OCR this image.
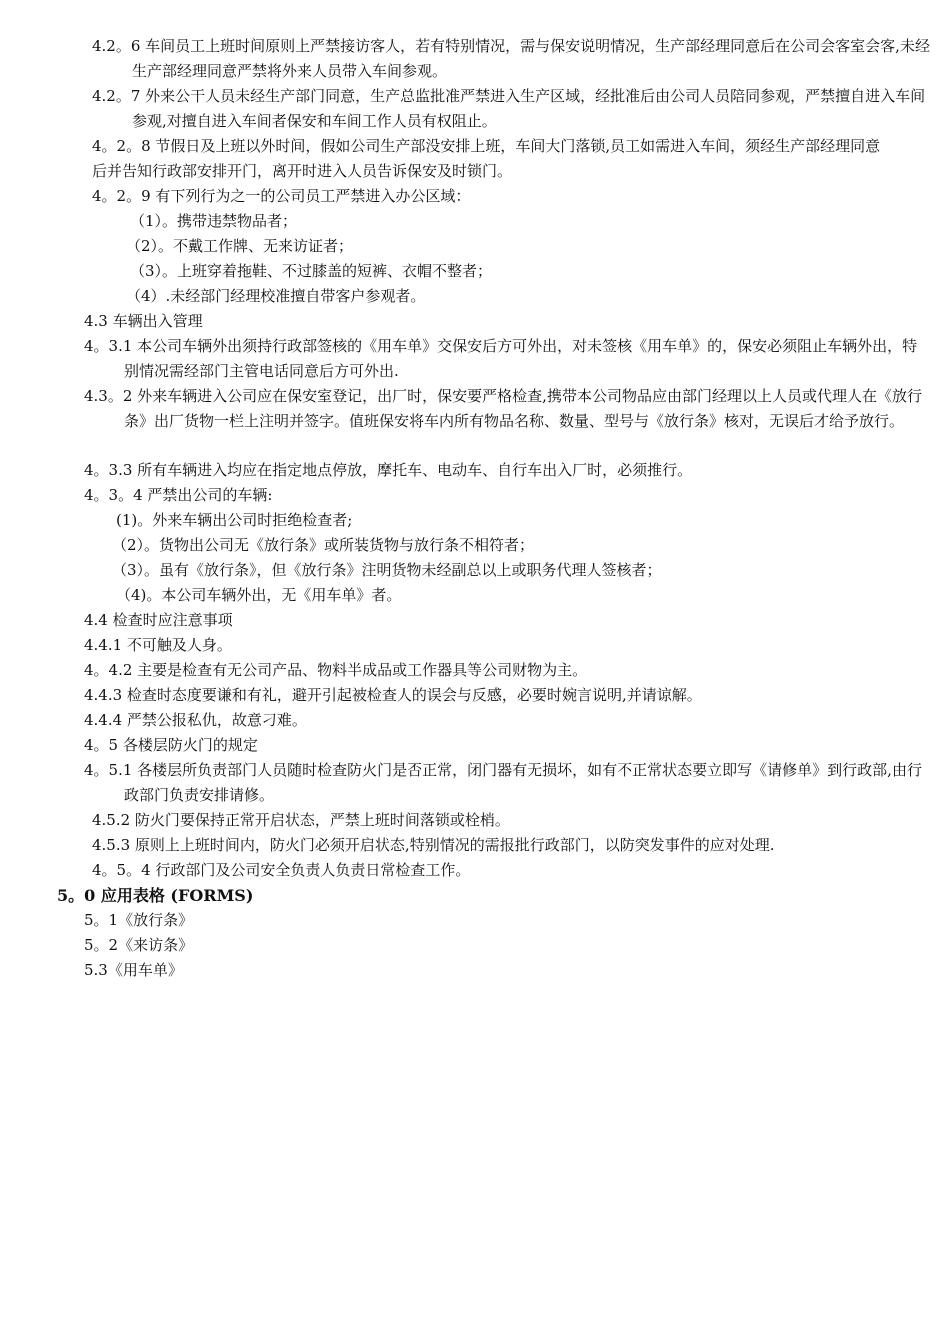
4.2。6 车间员工上班时间原则上严禁接访客人，若有特别情况，需与保安说明情况，生产部经理同意后在公司会客室会客,未经生产部经理同意严禁将外来人员带入车间参观。
4.2。7 外来公干人员未经生产部门同意，生产总监批准严禁进入生产区域，经批准后由公司人员陪同参观，严禁擅自进入车间参观,对擅自进入车间者保安和车间工作人员有权阻止。
4。2。8 节假日及上班以外时间，假如公司生产部没安排上班，车间大门落锁,员工如需进入车间，须经生产部经理同意后并告知行政部安排开门，离开时进入人员告诉保安及时锁门。
4。2。9 有下列行为之一的公司员工严禁进入办公区域：
（1）。携带违禁物品者；
（2）。不戴工作牌、无来访证者；
（3）。上班穿着拖鞋、不过膝盖的短裤、衣帽不整者；
（4）.未经部门经理校准擅自带客户参观者。
4.3 车辆出入管理
4。3.1 本公司车辆外出须持行政部签核的《用车单》交保安后方可外出，对未签核《用车单》的，保安必须阻止车辆外出，特别情况需经部门主管电话同意后方可外出.
4.3。2 外来车辆进入公司应在保安室登记，出厂时，保安要严格检查,携带本公司物品应由部门经理以上人员或代理人在《放行条》出厂货物一栏上注明并签字。值班保安将车内所有物品名称、数量、型号与《放行条》核对，无误后才给予放行。
4。3.3 所有车辆进入均应在指定地点停放，摩托车、电动车、自行车出入厂时，必须推行。
4。3。4 严禁出公司的车辆:
(1)。外来车辆出公司时拒绝检查者;
（2）。货物出公司无《放行条》或所装货物与放行条不相符者；
（3）。虽有《放行条》，但《放行条》注明货物未经副总以上或职务代理人签核者；
（4)。本公司车辆外出，无《用车单》者。
4.4 检查时应注意事项
4.4.1 不可触及人身。
4。4.2 主要是检查有无公司产品、物料半成品或工作器具等公司财物为主。
4.4.3 检查时态度要谦和有礼，避开引起被检查人的误会与反感，必要时婉言说明,并请谅解。
4.4.4 严禁公报私仇，故意刁难。
4。5 各楼层防火门的规定
4。5.1 各楼层所负责部门人员随时检查防火门是否正常，闭门器有无损坏，如有不正常状态要立即写《请修单》到行政部,由行政部门负责安排请修。
4.5.2 防火门要保持正常开启状态，严禁上班时间落锁或栓梢。
4.5.3 原则上上班时间内，防火门必须开启状态,特别情况的需报批行政部门，以防突发事件的应对处理.
4。5。4 行政部门及公司安全负责人负责日常检查工作。
5。0 应用表格 (FORMS)
5。1《放行条》
5。2《来访条》
5.3《用车单》
